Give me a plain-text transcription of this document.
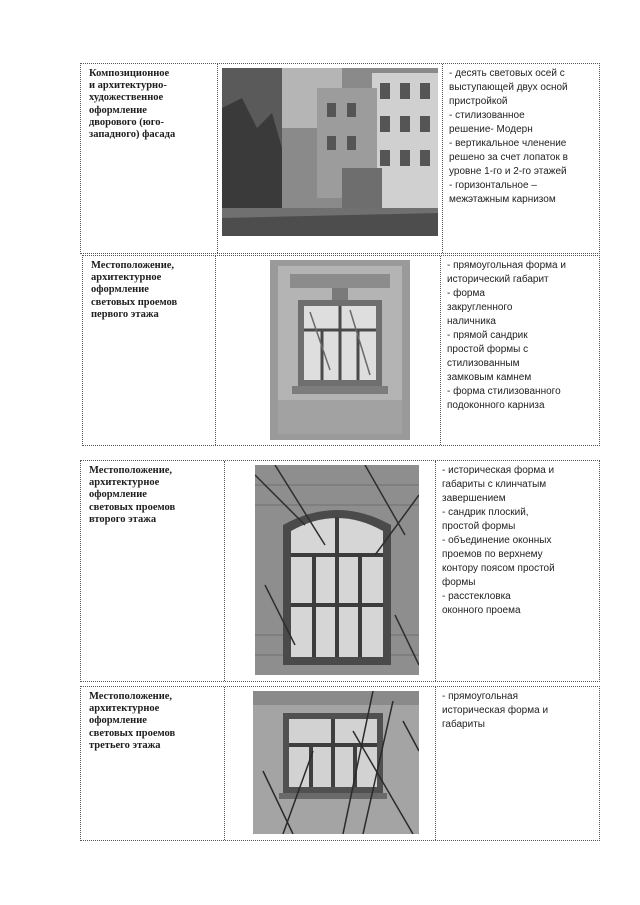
Композиционное
и архитектурно-
художественное
оформление
дворового (юго-
западного) фасада
- десять световых осей с
выступающей двух осной
пристройкой
- стилизованное
решение- Модерн
- вертикальное членение
решено за счет лопаток в
уровне 1-го и 2-го этажей
- горизонтальное –
межэтажным карнизом
Местоположение,
архитектурное
оформление
световых проемов
первого этажа
- прямоугольная форма и
исторический габарит
- форма
закругленного
наличника
- прямой сандрик
простой формы с
стилизованным
замковым камнем
- форма стилизованного
подоконного карниза
Местоположение,
архитектурное
оформление
световых проемов
второго этажа
- историческая форма и
габариты с клинчатым
завершением
- сандрик плоский,
простой формы
- объединение оконных
проемов по верхнему
контору поясом простой
формы
- расстекловка
оконного проема
Местоположение,
архитектурное
оформление
световых проемов
третьего этажа
- прямоугольная
историческая форма и
габариты
